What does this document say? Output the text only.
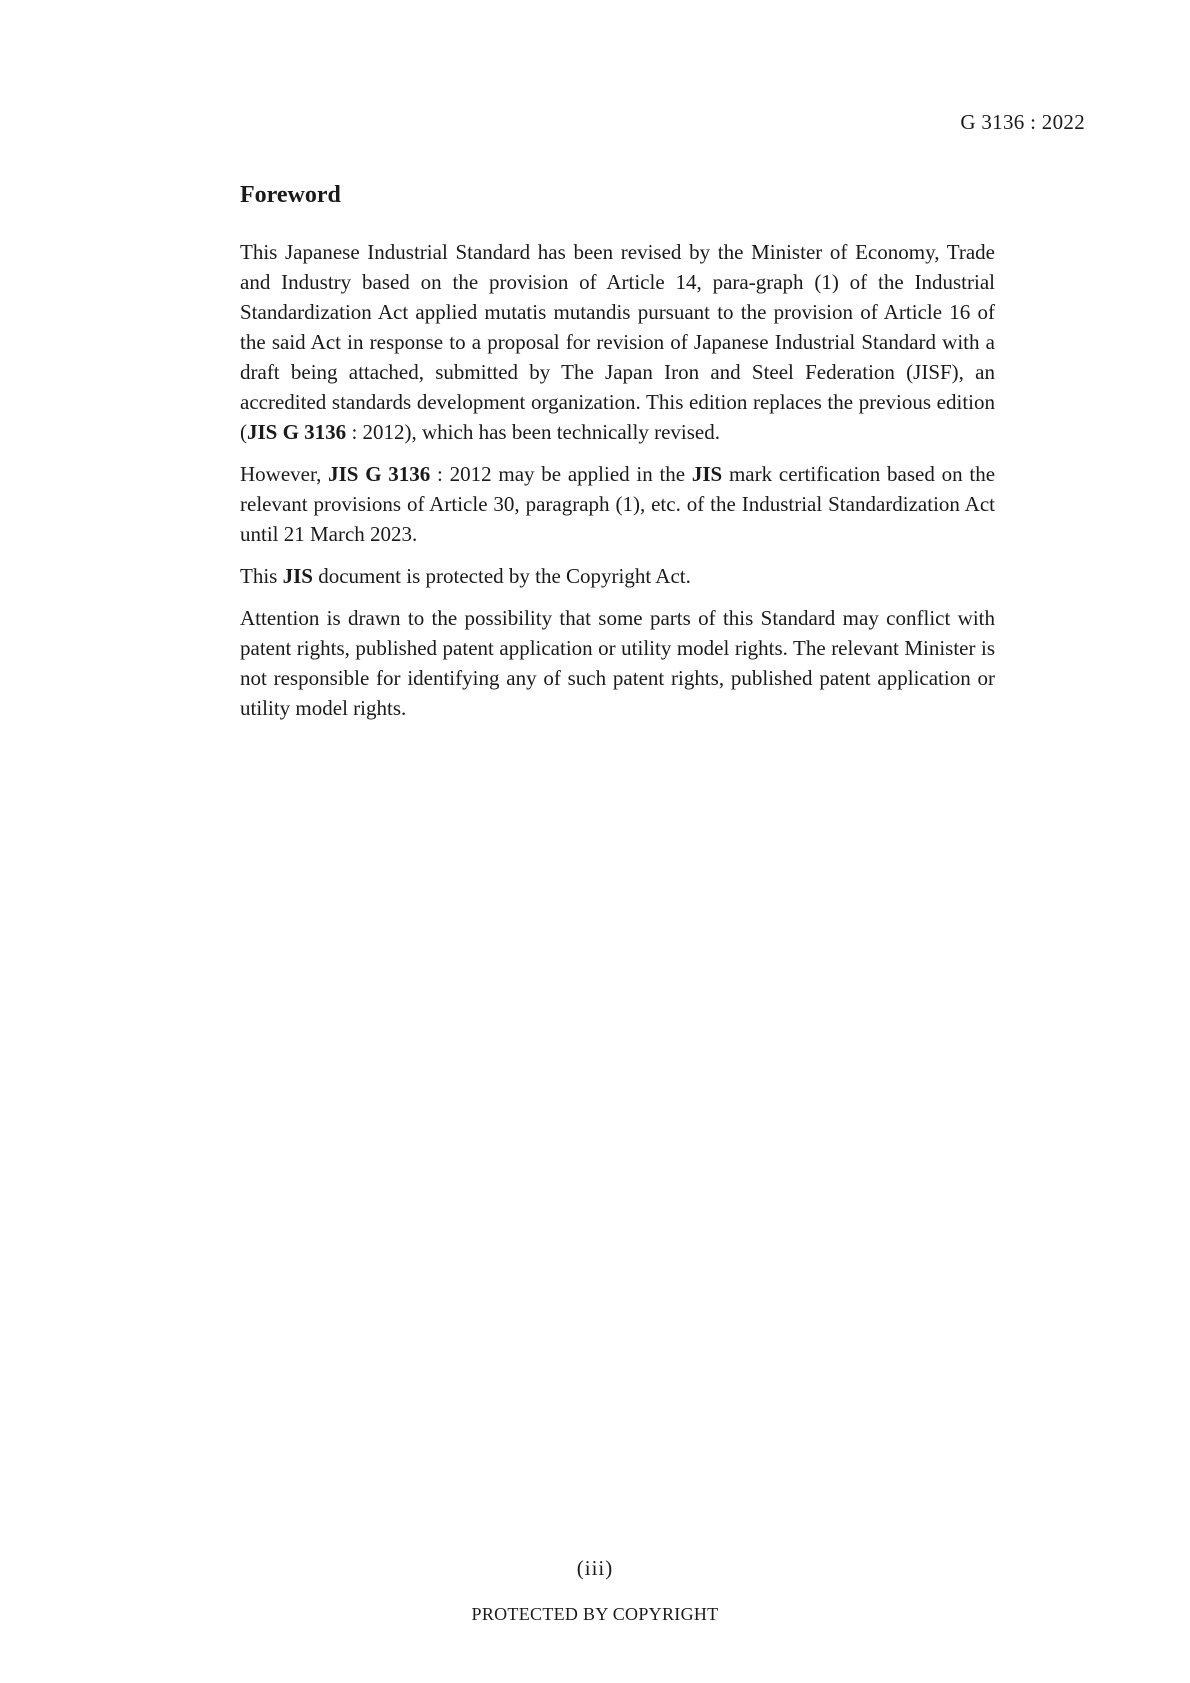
G 3136 : 2022
Foreword

This Japanese Industrial Standard has been revised by the Minister of Economy, Trade and Industry based on the provision of Article 14, para-graph (1) of the Industrial Standardization Act applied mutatis mutandis pursuant to the provision of Article 16 of the said Act in response to a proposal for revision of Japanese Industrial Standard with a draft being attached, submitted by The Japan Iron and Steel Federation (JISF), an accredited standards development organization. This edition replaces the previous edition (JIS G 3136 : 2012), which has been technically revised.

However, JIS G 3136 : 2012 may be applied in the JIS mark certification based on the relevant provisions of Article 30, paragraph (1), etc. of the Industrial Standardization Act until 21 March 2023.

This JIS document is protected by the Copyright Act.

Attention is drawn to the possibility that some parts of this Standard may conflict with patent rights, published patent application or utility model rights. The relevant Minister is not responsible for identifying any of such patent rights, published patent application or utility model rights.

(iii)
PROTECTED BY COPYRIGHT
